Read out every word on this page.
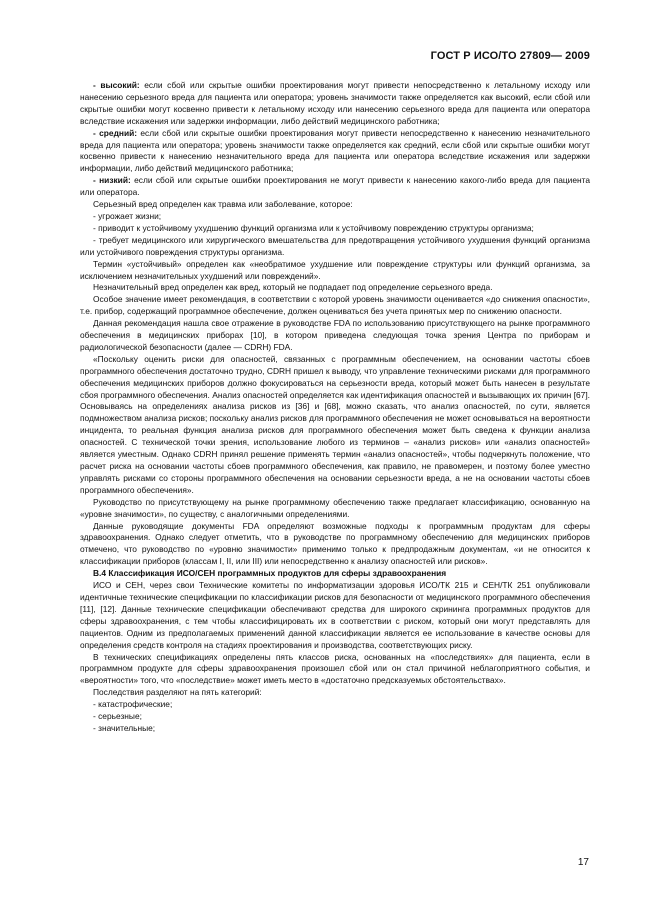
ГОСТ Р ИСО/ТО 27809— 2009

- высокий: если сбой или скрытые ошибки проектирования могут привести непосредственно к летальному исходу или нанесению серьезного вреда для пациента или оператора; уровень значимости также определяется как высокий, если сбой или скрытые ошибки могут косвенно привести к летальному исходу или нанесению серьезного вреда для пациента или оператора вследствие искажения или задержки информации, либо действий медицинского работника;

- средний: если сбой или скрытые ошибки проектирования могут привести непосредственно к нанесению незначительного вреда для пациента или оператора; уровень значимости также определяется как средний, если сбой или скрытые ошибки могут косвенно привести к нанесению незначительного вреда для пациента или оператора вследствие искажения или задержки информации, либо действий медицинского работника;

- низкий: если сбой или скрытые ошибки проектирования не могут привести к нанесению какого-либо вреда для пациента или оператора.

Серьезный вред определен как травма или заболевание, которое:

- угрожает жизни;

- приводит к устойчивому ухудшению функций организма или к устойчивому повреждению структуры организма;

- требует медицинского или хирургического вмешательства для предотвращения устойчивого ухудшения функций организма или устойчивого повреждения структуры организма.

Термин «устойчивый» определен как «необратимое ухудшение или повреждение структуры или функций организма, за исключением незначительных ухудшений или повреждений».

Незначительный вред определен как вред, который не подпадает под определение серьезного вреда.

Особое значение имеет рекомендация, в соответствии с которой уровень значимости оценивается «до снижения опасности», т.е. прибор, содержащий программное обеспечение, должен оцениваться без учета принятых мер по снижению опасности.

Данная рекомендация нашла свое отражение в руководстве FDA по использованию присутствующего на рынке программного обеспечения в медицинских приборах [10], в котором приведена следующая точка зрения Центра по приборам и радиологической безопасности (далее — CDRH) FDA.

«Поскольку оценить риски для опасностей, связанных с программным обеспечением, на основании частоты сбоев программного обеспечения достаточно трудно, CDRH пришел к выводу, что управление техническими рисками для программного обеспечения медицинских приборов должно фокусироваться на серьезности вреда, который может быть нанесен в результате сбоя программного обеспечения. Анализ опасностей определяется как идентификация опасностей и вызывающих их причин [67]. Основываясь на определениях анализа рисков из [36] и [68], можно сказать, что анализ опасностей, по сути, является подмножеством анализа рисков; поскольку анализ рисков для программного обеспечения не может основываться на вероятности инцидента, то реальная функция анализа рисков для программного обеспечения может быть сведена к функции анализа опасностей. С технической точки зрения, использование любого из терминов – «анализ рисков» или «анализ опасностей» является уместным. Однако CDRH принял решение применять термин «анализ опасностей», чтобы подчеркнуть положение, что расчет риска на основании частоты сбоев программного обеспечения, как правило, не правомерен, и поэтому более уместно управлять рисками со стороны программного обеспечения на основании серьезности вреда, а не на основании частоты сбоев программного обеспечения».

Руководство по присутствующему на рынке программному обеспечению также предлагает классификацию, основанную на «уровне значимости», по существу, с аналогичными определениями.

Данные руководящие документы FDA определяют возможные подходы к программным продуктам для сферы здравоохранения. Однако следует отметить, что в руководстве по программному обеспечению для медицинских приборов отмечено, что руководство по «уровню значимости» применимо только к предпродажным документам, «и не относится к классификации приборов (классам I, II, или III) или непосредственно к анализу опасностей или рисков».

В.4 Классификация ИСО/СЕН программных продуктов для сферы здравоохранения

ИСО и СЕН, через свои Технические комитеты по информатизации здоровья ИСО/ТК 215 и СЕН/ТК 251 опубликовали идентичные технические спецификации по классификации рисков для безопасности от медицинского программного обеспечения [11], [12]. Данные технические спецификации обеспечивают средства для широкого скрининга программных продуктов для сферы здравоохранения, с тем чтобы классифицировать их в соответствии с риском, который они могут представлять для пациентов. Одним из предполагаемых применений данной классификации является ее использование в качестве основы для определения средств контроля на стадиях проектирования и производства, соответствующих риску.

В технических спецификациях определены пять классов риска, основанных на «последствиях» для пациента, если в программном продукте для сферы здравоохранения произошел сбой или он стал причиной неблагоприятного события, и «вероятности» того, что «последствие» может иметь место в «достаточно предсказуемых обстоятельствах».

Последствия разделяют на пять категорий:

- катастрофические;

- серьезные;

- значительные;

17
